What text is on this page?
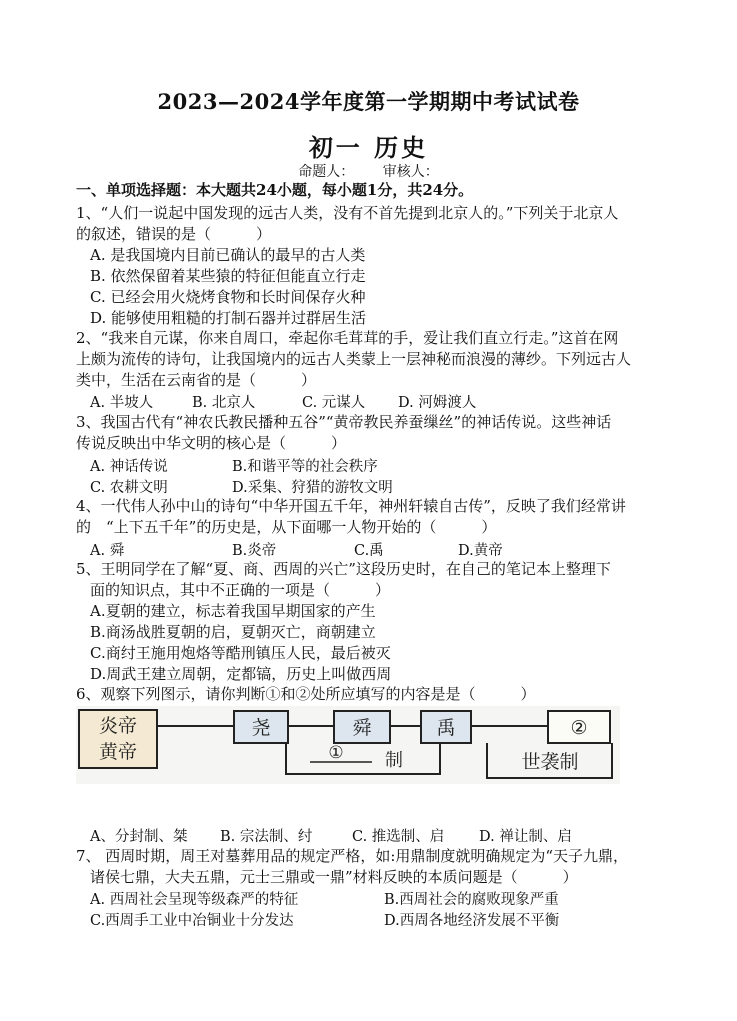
2023—2024学年度第一学期期中考试试卷
初一 历史
命题人： 审核人：
一、单项选择题：本大题共24小题，每小题1分，共24分。
1、“人们一说起中国发现的远古人类，没有不首先提到北京人的。”下列关于北京人
的叙述，错误的是（　　　）
A. 是我国境内目前已确认的最早的古人类
B. 依然保留着某些猿的特征但能直立行走
C. 已经会用火烧烤食物和长时间保存火种
D. 能够使用粗糙的打制石器并过群居生活
2、“我来自元谋，你来自周口，牵起你毛茸茸的手，爱让我们直立行走。”这首在网
上颇为流传的诗句，让我国境内的远古人类蒙上一层神秘而浪漫的薄纱。下列远古人
类中，生活在云南省的是（　　　）
A. 半坡人	B. 北京人	C. 元谋人 D. 河姆渡人
3、我国古代有“神农氏教民播种五谷”“黄帝教民养蚕缫丝”的神话传说。这些神话
传说反映出中华文明的核心是（　　　）
A. 神话传说	B.和谐平等的社会秩序
C. 农耕文明	D.采集、狩猎的游牧文明
4、一代伟人孙中山的诗句“中华开国五千年，神州轩辕自古传”，反映了我们经常讲
的　“上下五千年”的历史是，从下面哪一人物开始的（　　　）
A. 舜	B.炎帝	C.禹	D.黄帝
5、王明同学在了解“夏、商、西周的兴亡”这段历史时，在自己的笔记本上整理下
面的知识点，其中不正确的一项是（　　　）
A.夏朝的建立，标志着我国早期国家的产生
B.商汤战胜夏朝的启，夏朝灭亡，商朝建立
C.商纣王施用炮烙等酷刑镇压人民，最后被灭
D.周武王建立周朝，定都镐，历史上叫做西周
6、观察下列图示，请你判断①和②处所应填写的内容是是（　　　）
炎帝
黄帝
尧	舜	禹	②
① 制	世袭制
A、分封制、桀 B. 宗法制、纣	C. 推选制、启 D. 禅让制、启
7、 西周时期，周王对墓葬用品的规定严格，如:用鼎制度就明确规定为“天子九鼎，
诸侯七鼎，大夫五鼎，元士三鼎或一鼎”材料反映的本质问题是（　　　）
A. 西周社会呈现等级森严的特征	B.西周社会的腐败现象严重
C.西周手工业中冶铜业十分发达	D.西周各地经济发展不平衡
